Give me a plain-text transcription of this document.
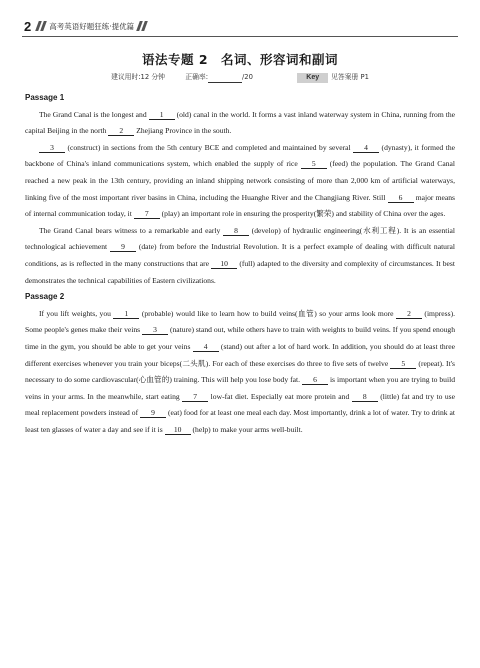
2 高考英语好题狂练·提优篇
语法专题 2　名词、形容词和副词
建议用时:12 分钟	正确率:	/20	Key 见答案册 P1

Passage 1

The Grand Canal is the longest and 1 (old) canal in the world. It forms a vast inland waterway system in China, running from the capital Beijing in the north 2 Zhejiang Province in the south.

3 (construct) in sections from the 5th century BCE and completed and maintained by several 4 (dynasty), it formed the backbone of China's inland communications system, which enabled the supply of rice 5 (feed) the population. The Grand Canal reached a new peak in the 13th century, providing an inland shipping network consisting of more than 2,000 km of artificial waterways, linking five of the most important river basins in China, including the Huanghe River and the Changjiang River. Still 6 major means of internal communication today, it 7 (play) an important role in ensuring the prosperity(繁荣) and stability of China over the ages.

The Grand Canal bears witness to a remarkable and early 8 (develop) of hydraulic engineering(水利工程). It is an essential technological achievement 9 (date) from before the Industrial Revolution. It is a perfect example of dealing with difficult natural conditions, as is reflected in the many constructions that are 10 (full) adapted to the diversity and complexity of circumstances. It best demonstrates the technical capabilities of Eastern civilizations.

Passage 2

If you lift weights, you 1 (probable) would like to learn how to build veins(血管) so your arms look more 2 (impress). Some people's genes make their veins 3 (nature) stand out, while others have to train with weights to build veins. If you spend enough time in the gym, you should be able to get your veins 4 (stand) out after a lot of hard work. In addition, you should do at least three different exercises whenever you train your biceps(二头肌). For each of these exercises do three to five sets of twelve 5 (repeat). It's necessary to do some cardiovascular(心血管的) training. This will help you lose body fat. 6 is important when you are trying to build veins in your arms. In the meanwhile, start eating 7 low-fat diet. Especially eat more protein and 8 (little) fat and try to use meal replacement powders instead of 9 (eat) food for at least one meal each day. Most importantly, drink a lot of water. Try to drink at least ten glasses of water a day and see if it is 10 (help) to make your arms well-built.
